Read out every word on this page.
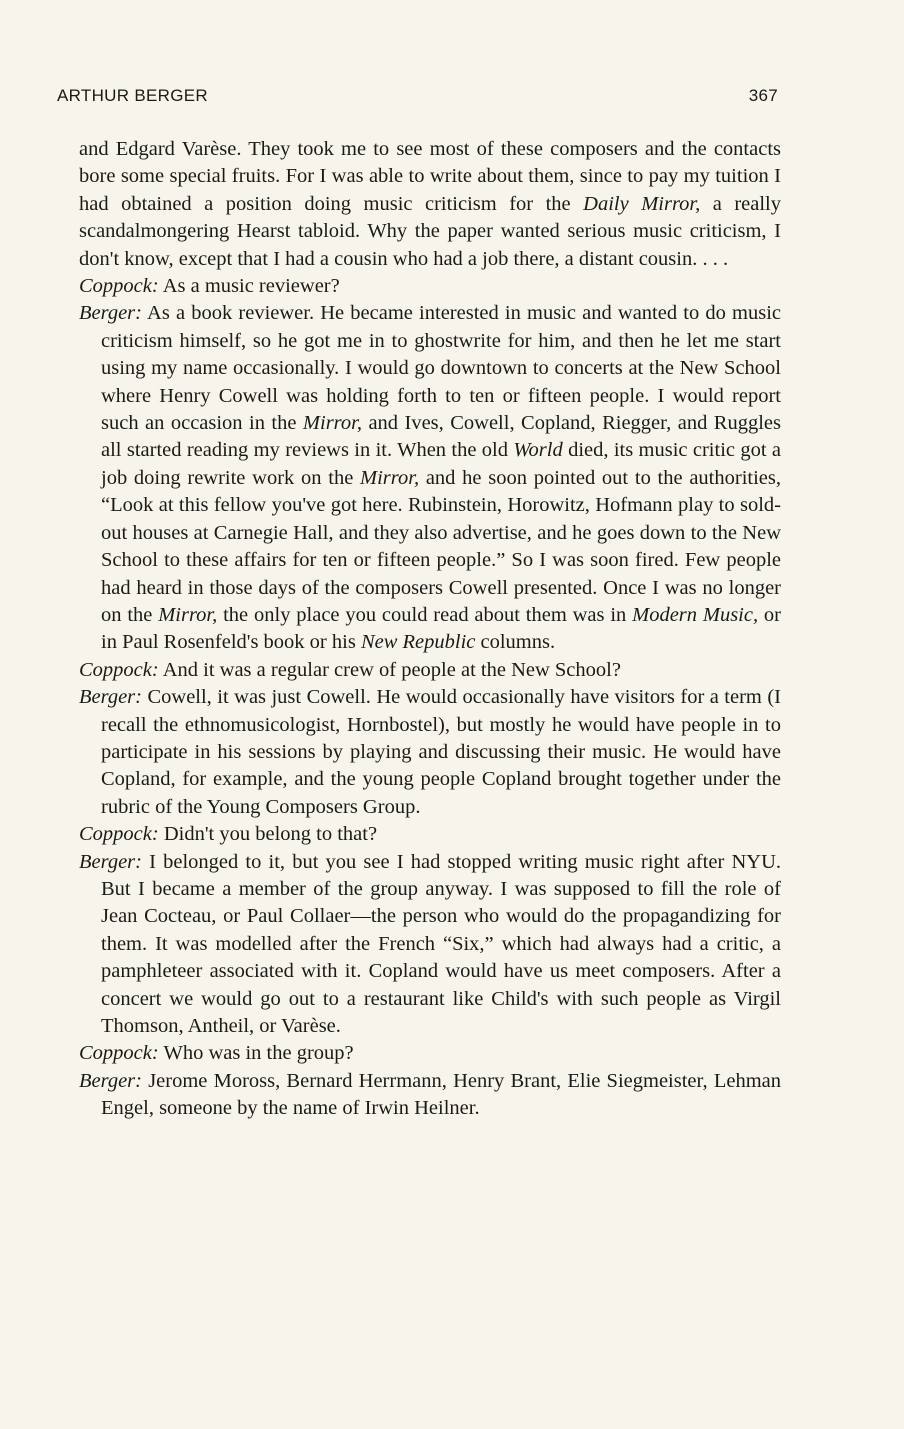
ARTHUR BERGER	367

and Edgard Varèse. They took me to see most of these composers and the contacts bore some special fruits. For I was able to write about them, since to pay my tuition I had obtained a position doing music criticism for the Daily Mirror, a really scandalmongering Hearst tabloid. Why the paper wanted serious music criticism, I don't know, except that I had a cousin who had a job there, a distant cousin. . . .

Coppock: As a music reviewer?

Berger: As a book reviewer. He became interested in music and wanted to do music criticism himself, so he got me in to ghostwrite for him, and then he let me start using my name occasionally. I would go downtown to concerts at the New School where Henry Cowell was holding forth to ten or fifteen people. I would report such an occasion in the Mirror, and Ives, Cowell, Copland, Riegger, and Ruggles all started reading my reviews in it. When the old World died, its music critic got a job doing rewrite work on the Mirror, and he soon pointed out to the authorities, “Look at this fellow you've got here. Rubinstein, Horowitz, Hofmann play to sold-out houses at Carnegie Hall, and they also advertise, and he goes down to the New School to these affairs for ten or fifteen people.” So I was soon fired. Few people had heard in those days of the composers Cowell presented. Once I was no longer on the Mirror, the only place you could read about them was in Modern Music, or in Paul Rosenfeld's book or his New Republic columns.

Coppock: And it was a regular crew of people at the New School?

Berger: Cowell, it was just Cowell. He would occasionally have visitors for a term (I recall the ethnomusicologist, Hornbostel), but mostly he would have people in to participate in his sessions by playing and discussing their music. He would have Copland, for example, and the young people Copland brought together under the rubric of the Young Composers Group.

Coppock: Didn't you belong to that?

Berger: I belonged to it, but you see I had stopped writing music right after NYU. But I became a member of the group anyway. I was supposed to fill the role of Jean Cocteau, or Paul Collaer—the person who would do the propagandizing for them. It was modelled after the French “Six,” which had always had a critic, a pamphleteer associated with it. Copland would have us meet composers. After a concert we would go out to a restaurant like Child's with such people as Virgil Thomson, Antheil, or Varèse.

Coppock: Who was in the group?

Berger: Jerome Moross, Bernard Herrmann, Henry Brant, Elie Siegmeister, Lehman Engel, someone by the name of Irwin Heilner.
